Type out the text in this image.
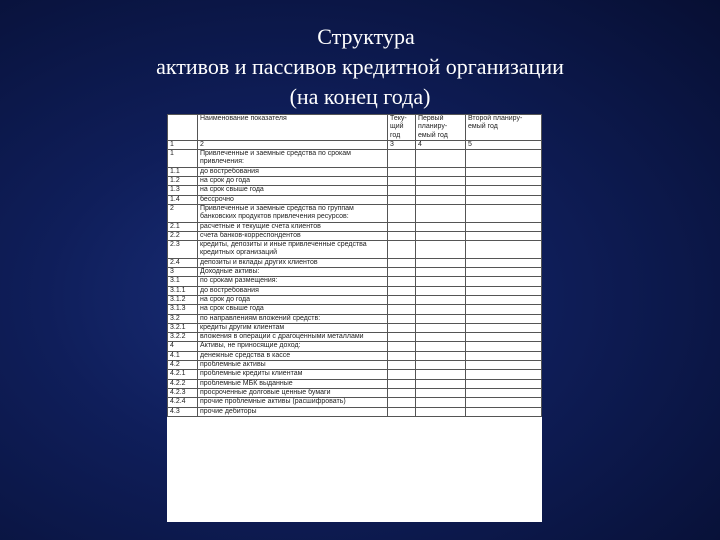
Структура
активов и пассивов кредитной организации
(на конец года)
	Наименование показателя	Теку-щий год	Первый планиру-емый год	Второй планиру-емый год
1	2	3	4	5
1	Привлеченные и заемные средства по срокам привлечения:			
1.1	до востребования			
1.2	на срок до года			
1.3	на срок свыше года			
1.4	бессрочно			
2	Привлеченные и заемные средства по группам банковских продуктов привлечения ресурсов:			
2.1	расчетные и текущие счета клиентов			
2.2	счета банков-корреспондентов			
2.3	кредиты, депозиты и иные привлеченные средства кредитных организаций			
2.4	депозиты и вклады других клиентов			
3	Доходные активы:			
3.1	по срокам размещения:			
3.1.1	до востребования			
3.1.2	на срок до года			
3.1.3	на срок свыше года			
3.2	по направлениям вложений средств:			
3.2.1	кредиты другим клиентам			
3.2.2	вложения в операции с драгоценными металлами			
4	Активы, не приносящие доход:			
4.1	денежные средства в кассе			
4.2	проблемные активы			
4.2.1	проблемные кредиты клиентам			
4.2.2	проблемные МБК выданные			
4.2.3	просроченные долговые ценные бумаги			
4.2.4	прочие проблемные активы (расшифровать)			
4.3	прочие дебиторы			
